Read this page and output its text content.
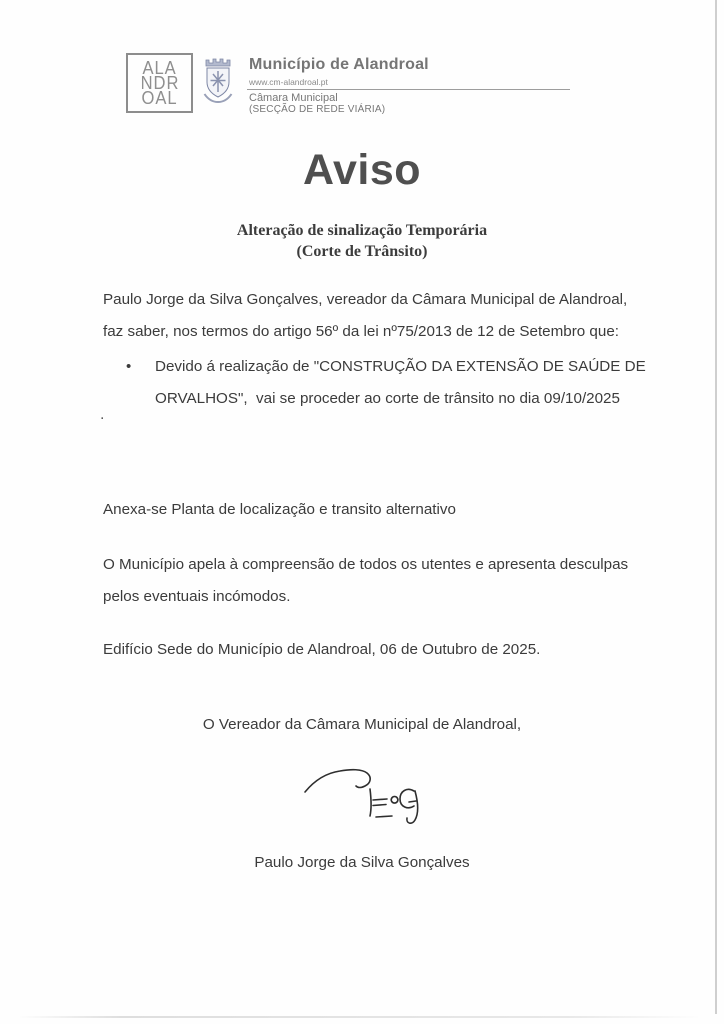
ALA
NDR
OAL
Município de Alandroal
www.cm-alandroal.pt
Câmara Municipal
(SECÇÃO DE REDE VIÁRIA)
Aviso
Alteração de sinalização Temporária
(Corte de Trânsito)
Paulo Jorge da Silva Gonçalves, vereador da Câmara Municipal de Alandroal,
faz saber, nos termos do artigo 56º da lei nº75/2013 de 12 de Setembro que:
•	Devido á realização de "CONSTRUÇÃO DA EXTENSÃO DE SAÚDE DE
ORVALHOS",  vai se proceder ao corte de trânsito no dia 09/10/2025
.
Anexa-se Planta de localização e transito alternativo
O Município apela à compreensão de todos os utentes e apresenta desculpas
pelos eventuais incómodos.
Edifício Sede do Município de Alandroal, 06 de Outubro de 2025.
O Vereador da Câmara Municipal de Alandroal,
Paulo Jorge da Silva Gonçalves
